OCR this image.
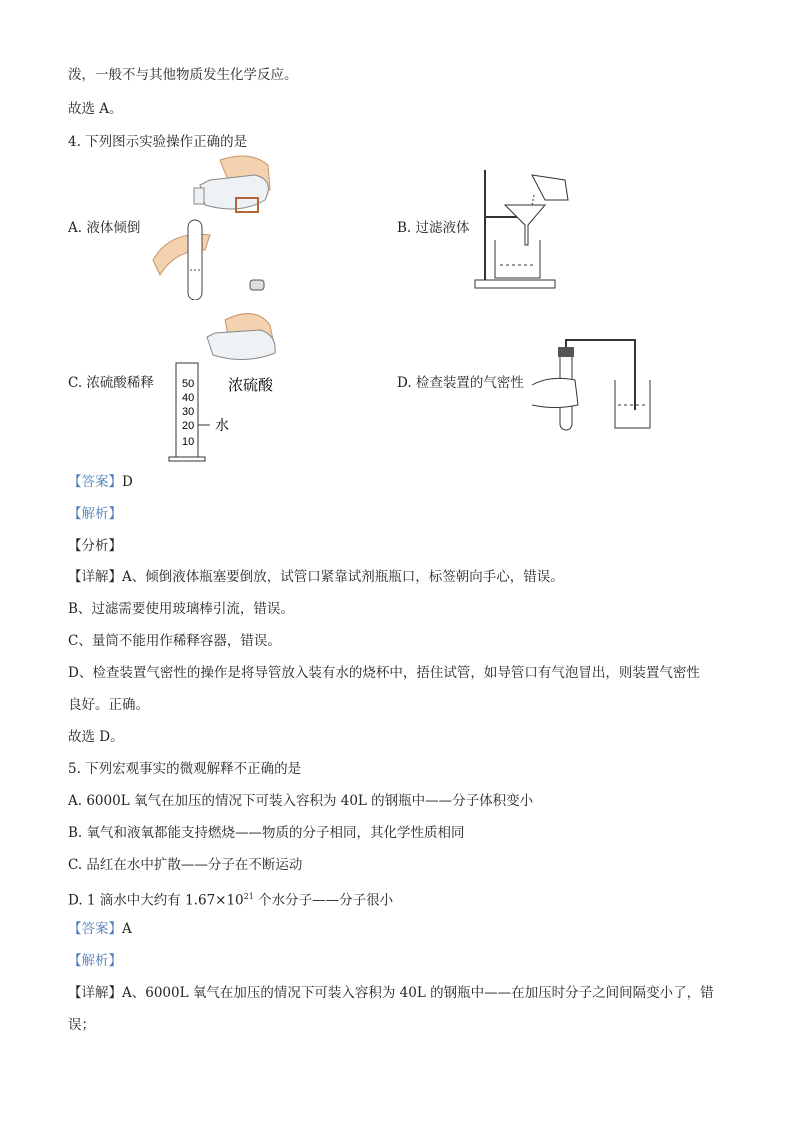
泼，一般不与其他物质发生化学反应。
故选 A。
4. 下列图示实验操作正确的是
A. 液体倾倒	B. 过滤液体
C. 浓硫酸稀释	D. 检查装置的气密性
50
40
30
20
10
水
浓硫酸
【答案】D
【解析】
【分析】
【详解】A、倾倒液体瓶塞要倒放，试管口紧靠试剂瓶瓶口，标签朝向手心，错误。
B、过滤需要使用玻璃棒引流，错误。
C、量筒不能用作稀释容器，错误。
D、检查装置气密性的操作是将导管放入装有水的烧杯中，捂住试管，如导管口有气泡冒出，则装置气密性
良好。正确。
故选 D。
5. 下列宏观事实的微观解释不正确的是
A. 6000L 氧气在加压的情况下可装入容积为 40L 的钢瓶中——分子体积变小
B. 氧气和液氧都能支持燃烧——物质的分子相同，其化学性质相同
C. 品红在水中扩散——分子在不断运动
D. 1 滴水中大约有 $1.67\times 10^{21}$ 个水分子——分子很小
【答案】A
【解析】
【详解】A、6000L 氧气在加压的情况下可装入容积为 40L 的钢瓶中——在加压时分子之间间隔变小了，错
误；
